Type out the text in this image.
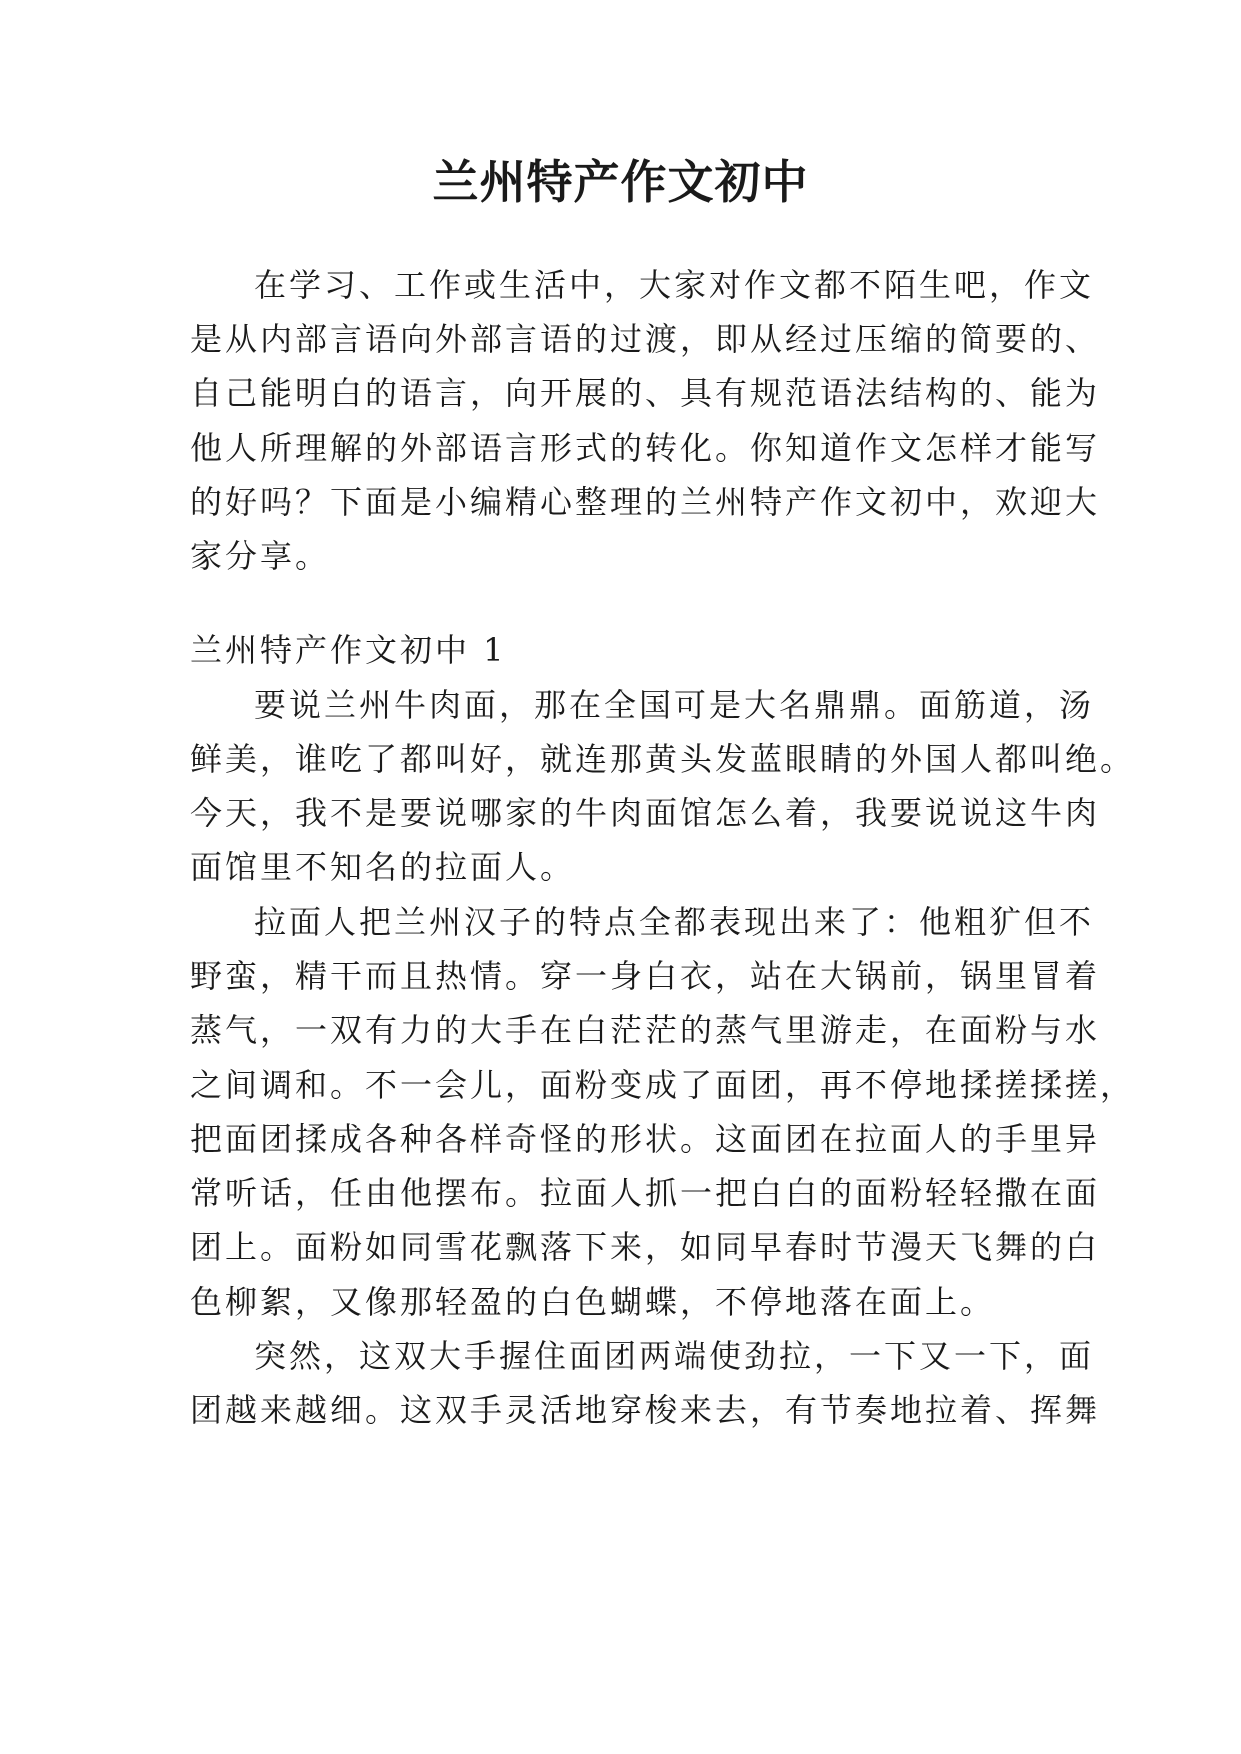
兰州特产作文初中
在学习、工作或生活中，大家对作文都不陌生吧，作文
是从内部言语向外部言语的过渡，即从经过压缩的简要的、
自己能明白的语言，向开展的、具有规范语法结构的、能为
他人所理解的外部语言形式的转化。你知道作文怎样才能写
的好吗？下面是小编精心整理的兰州特产作文初中，欢迎大
家分享。
兰州特产作文初中 1
要说兰州牛肉面，那在全国可是大名鼎鼎。面筋道，汤
鲜美，谁吃了都叫好，就连那黄头发蓝眼睛的外国人都叫绝。
今天，我不是要说哪家的牛肉面馆怎么着，我要说说这牛肉
面馆里不知名的拉面人。
拉面人把兰州汉子的特点全都表现出来了：他粗犷但不
野蛮，精干而且热情。穿一身白衣，站在大锅前，锅里冒着
蒸气，一双有力的大手在白茫茫的蒸气里游走，在面粉与水
之间调和。不一会儿，面粉变成了面团，再不停地揉搓揉搓，
把面团揉成各种各样奇怪的形状。这面团在拉面人的手里异
常听话，任由他摆布。拉面人抓一把白白的面粉轻轻撒在面
团上。面粉如同雪花飘落下来，如同早春时节漫天飞舞的白
色柳絮，又像那轻盈的白色蝴蝶，不停地落在面上。
突然，这双大手握住面团两端使劲拉，一下又一下，面
团越来越细。这双手灵活地穿梭来去，有节奏地拉着、挥舞
